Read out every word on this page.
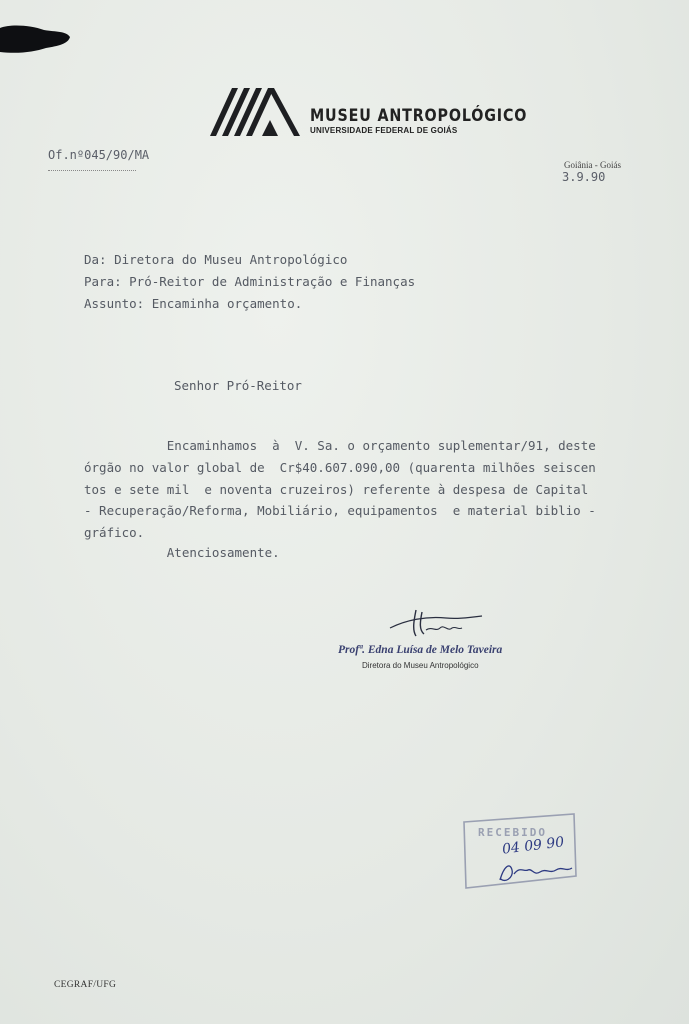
MUSEU ANTROPOLÓGICO
UNIVERSIDADE FEDERAL DE GOIÁS
Of.nº045/90/MA
Goiânia - Goiás
3.9.90
Da: Diretora do Museu Antropológico
Para: Pró-Reitor de Administração e Finanças
Assunto: Encaminha orçamento.
Senhor Pró-Reitor
Encaminhamos  à  V. Sa. o orçamento suplementar/91, deste
órgão no valor global de  Cr$40.607.090,00 (quarenta milhões seiscen
tos e sete mil  e noventa cruzeiros) referente à despesa de Capital
- Recuperação/Reforma, Mobiliário, equipamentos  e material biblio -
gráfico.
Atenciosamente.
Profª. Edna Luísa de Melo Taveira
Diretora do Museu Antropológico
RECEBIDO
04 09 90
CEGRAF/UFG
